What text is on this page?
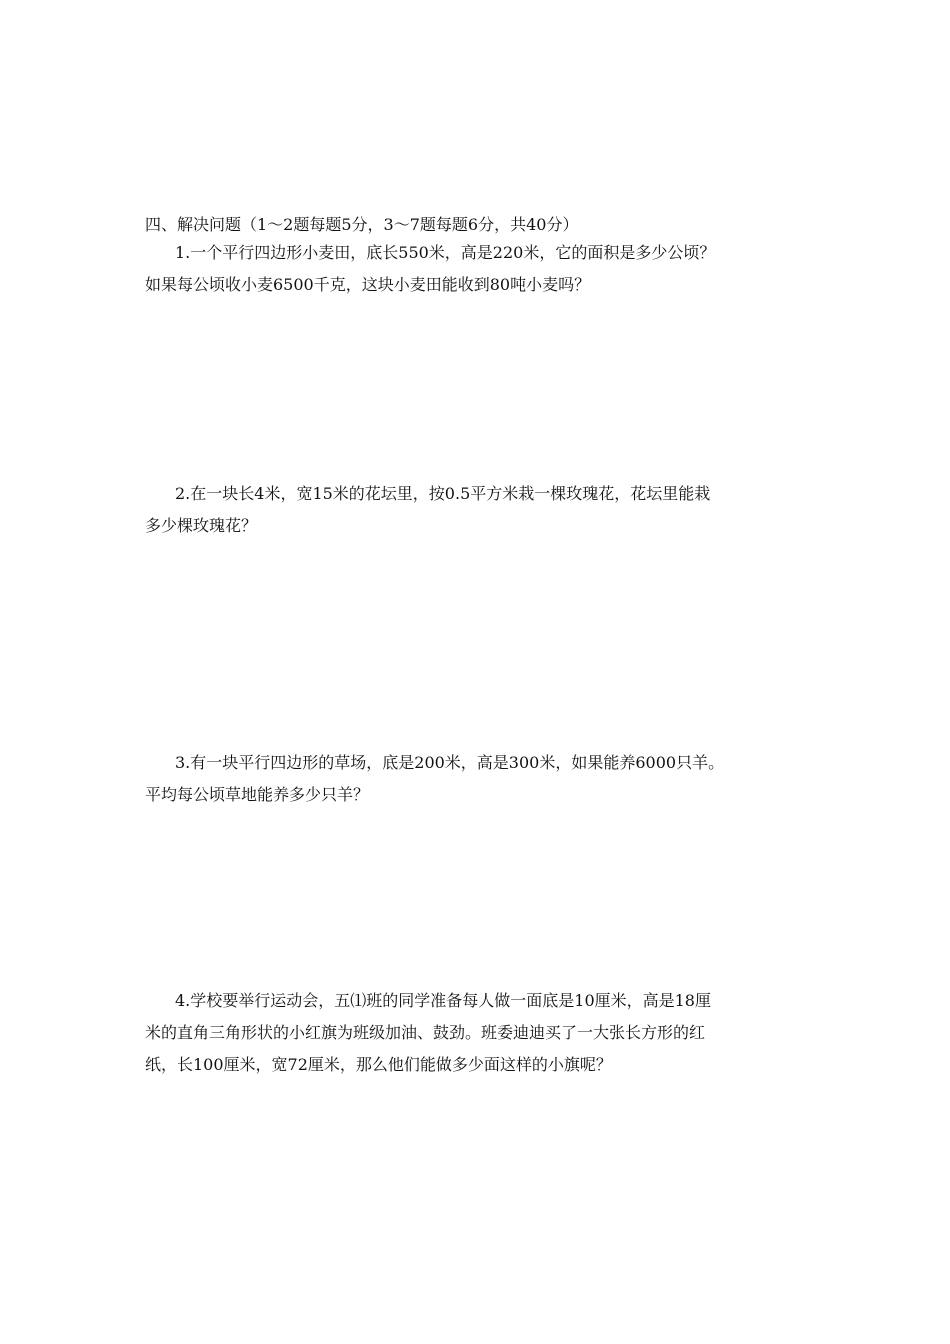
四、解决问题（1～2题每题5分，3～7题每题6分，共40分）
1.一个平行四边形小麦田，底长550米，高是220米，它的面积是多少公顷？
如果每公顷收小麦6500千克，这块小麦田能收到80吨小麦吗？
2.在一块长4米，宽15米的花坛里，按0.5平方米栽一棵玫瑰花，花坛里能栽
多少棵玫瑰花？
3.有一块平行四边形的草场，底是200米，高是300米，如果能养6000只羊。
平均每公顷草地能养多少只羊？
4.学校要举行运动会，五⑴班的同学准备每人做一面底是10厘米，高是18厘
米的直角三角形状的小红旗为班级加油、鼓劲。班委迪迪买了一大张长方形的红
纸，长100厘米，宽72厘米，那么他们能做多少面这样的小旗呢？
